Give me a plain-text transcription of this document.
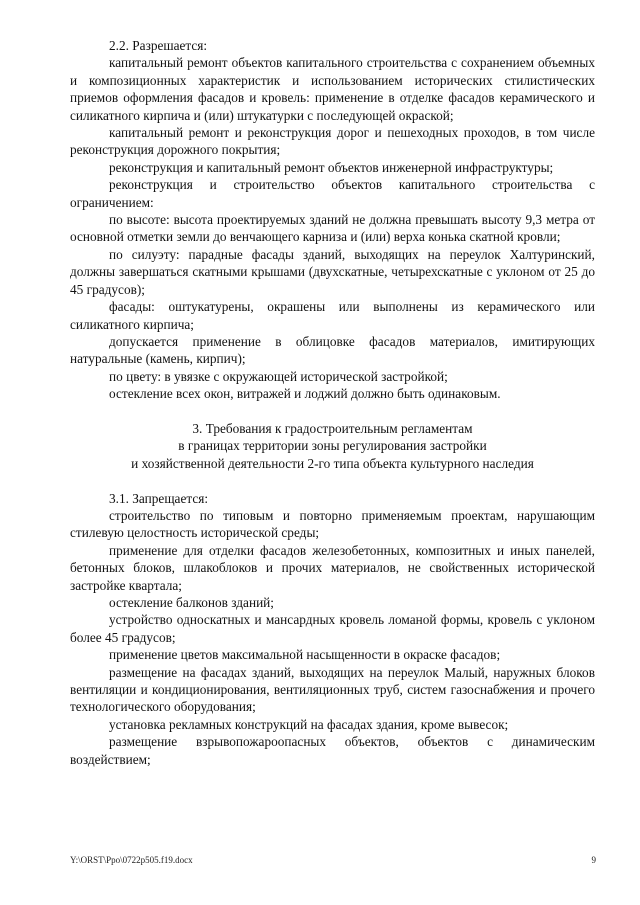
2.2. Разрешается:

капитальный ремонт объектов капитального строительства с сохранением объемных и композиционных характеристик и использованием исторических стилистических приемов оформления фасадов и кровель: применение в отделке фасадов керамического и силикатного кирпича и (или) штукатурки с последующей окраской;

капитальный ремонт и реконструкция дорог и пешеходных проходов, в том числе реконструкция дорожного покрытия;

реконструкция и капитальный ремонт объектов инженерной инфраструктуры;

реконструкция и строительство объектов капитального строительства с ограничением:

по высоте: высота проектируемых зданий не должна превышать высоту 9,3 метра от основной отметки земли до венчающего карниза и (или) верха конька скатной кровли;

по силуэту: парадные фасады зданий, выходящих на переулок Халтуринский, должны завершаться скатными крышами (двухскатные, четырехскатные с уклоном от 25 до 45 градусов);

фасады: оштукатурены, окрашены или выполнены из керамического или силикатного кирпича;

допускается применение в облицовке фасадов материалов, имитирующих натуральные (камень, кирпич);

по цвету: в увязке с окружающей исторической застройкой;

остекление всех окон, витражей и лоджий должно быть одинаковым.

3. Требования к градостроительным регламентам

в границах территории зоны регулирования застройки

и хозяйственной деятельности 2-го типа объекта культурного наследия

3.1. Запрещается:

строительство по типовым и повторно применяемым проектам, нарушающим стилевую целостность исторической среды;

применение для отделки фасадов железобетонных, композитных и иных панелей, бетонных блоков, шлакоблоков и прочих материалов, не свойственных исторической застройке квартала;

остекление балконов зданий;

устройство односкатных и мансардных кровель ломаной формы, кровель с уклоном более 45 градусов;

применение цветов максимальной насыщенности в окраске фасадов;

размещение на фасадах зданий, выходящих на переулок Малый, наружных блоков вентиляции и кондиционирования, вентиляционных труб, систем газоснабжения и прочего технологического оборудования;

установка рекламных конструкций на фасадах здания, кроме вывесок;

размещение взрывопожароопасных объектов, объектов с динамическим воздействием;

Y:\ORST\Ppo\0722p505.f19.docx	9
